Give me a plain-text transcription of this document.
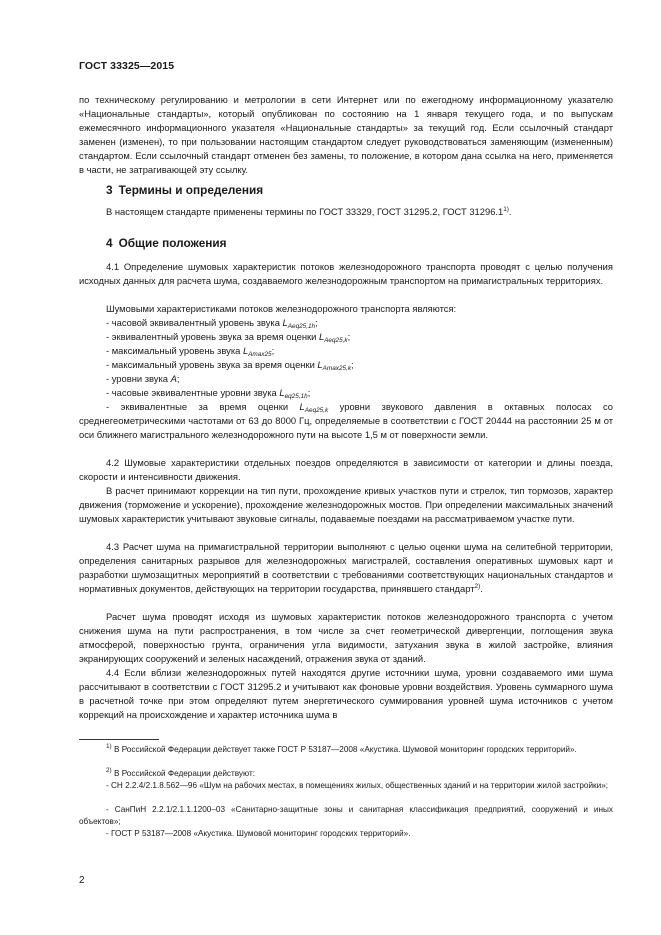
ГОСТ 33325—2015
по техническому регулированию и метрологии в сети Интернет или по ежегодному информационному указателю «Национальные стандарты», который опубликован по состоянию на 1 января текущего года, и по выпускам ежемесячного информационного указателя «Национальные стандарты» за текущий год. Если ссылочный стандарт заменен (изменен), то при пользовании настоящим стандартом следует руководствоваться заменяющим (измененным) стандартом. Если ссылочный стандарт отменен без замены, то положение, в котором дана ссылка на него, применяется в части, не затрагивающей эту ссылку.
3 Термины и определения
В настоящем стандарте применены термины по ГОСТ 33329, ГОСТ 31295.2, ГОСТ 31296.1$^{1)}$.
4 Общие положения
4.1 Определение шумовых характеристик потоков железнодорожного транспорта проводят с целью получения исходных данных для расчета шума, создаваемого железнодорожным транспортом на примагистральных территориях.
Шумовыми характеристиками потоков железнодорожного транспорта являются:
- часовой эквивалентный уровень звука $L_{Aeq25,1h}$;
- эквивалентный уровень звука за время оценки $L_{Aeq25,k}$;
- максимальный уровень звука $L_{Amax25}$;
- максимальный уровень звука за время оценки $L_{Amax25,k}$;
- уровни звука A;
- часовые эквивалентные уровни звука $L_{eq25,1h}$;
- эквивалентные за время оценки $L_{Aeq25,k}$ уровни звукового давления в октавных полосах со среднегеометрическими частотами от 63 до 8000 Гц, определяемые в соответствии с ГОСТ 20444 на расстоянии 25 м от оси ближнего магистрального железнодорожного пути на высоте 1,5 м от поверхности земли.
4.2 Шумовые характеристики отдельных поездов определяются в зависимости от категории и длины поезда, скорости и интенсивности движения.
В расчет принимают коррекции на тип пути, прохождение кривых участков пути и стрелок, тип тормозов, характер движения (торможение и ускорение), прохождение железнодорожных мостов. При определении максимальных значений шумовых характеристик учитывают звуковые сигналы, подаваемые поездами на рассматриваемом участке пути.
4.3 Расчет шума на примагистральной территории выполняют с целью оценки шума на селитебной территории, определения санитарных разрывов для железнодорожных магистралей, составления оперативных шумовых карт и разработки шумозащитных мероприятий в соответствии с требованиями соответствующих национальных стандартов и нормативных документов, действующих на территории государства, принявшего стандарт$^{2)}$.
Расчет шума проводят исходя из шумовых характеристик потоков железнодорожного транспорта с учетом снижения шума на пути распространения, в том числе за счет геометрической дивергенции, поглощения звука атмосферой, поверхностью грунта, ограничения угла видимости, затухания звука в жилой застройке, влияния экранирующих сооружений и зеленых насаждений, отражения звука от зданий.
4.4 Если вблизи железнодорожных путей находятся другие источники шума, уровни создаваемого ими шума рассчитывают в соответствии с ГОСТ 31295.2 и учитывают как фоновые уровни воздействия. Уровень суммарного шума в расчетной точке при этом определяют путем энергетического суммирования уровней шума источников с учетом коррекций на происхождение и характер источника шума в
$^{1)}$ В Российской Федерации действует также ГОСТ Р 53187—2008 «Акустика. Шумовой мониторинг городских территорий».
$^{2)}$ В Российской Федерации действуют:
- СН 2.2.4/2.1.8.562—96 «Шум на рабочих местах, в помещениях жилых, общественных зданий и на территории жилой застройки»;
- СанПиН 2.2.1/2.1.1.1200–03 «Санитарно-защитные зоны и санитарная классификация предприятий, сооружений и иных объектов»;
- ГОСТ Р 53187—2008 «Акустика. Шумовой мониторинг городских территорий».
2
